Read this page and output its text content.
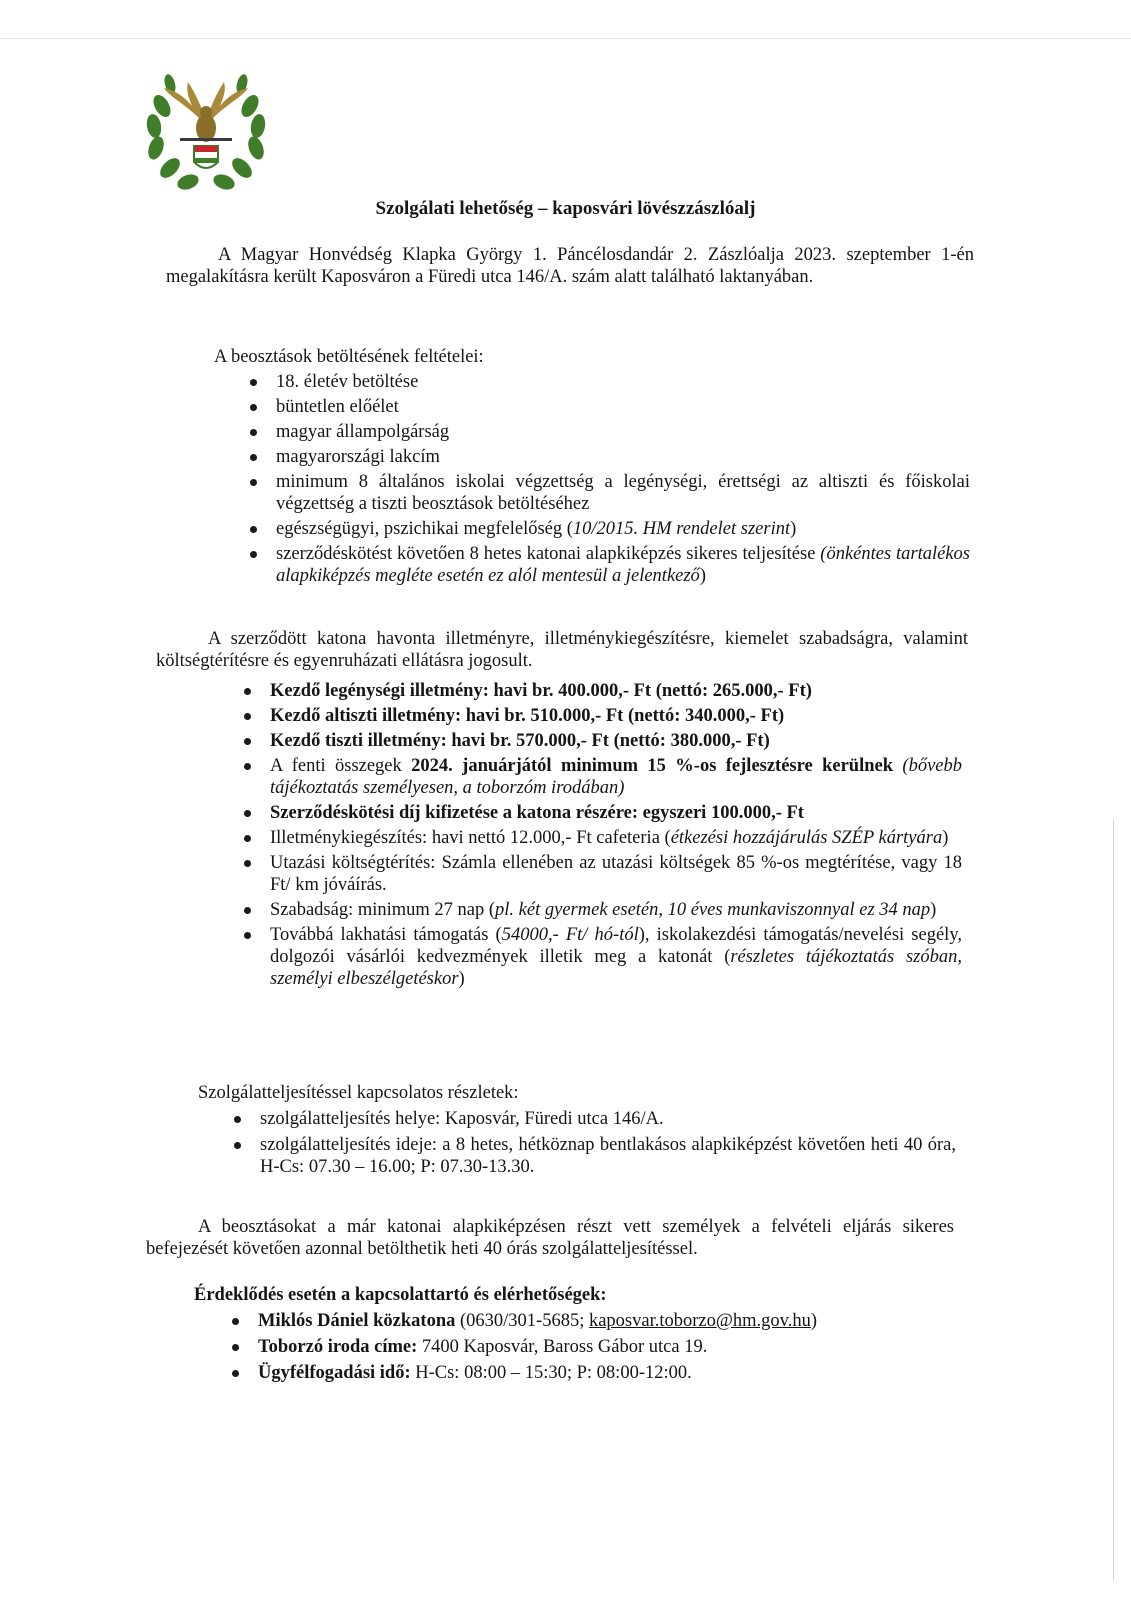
Szolgálati lehetőség – kaposvári lövészzászlóalj

A Magyar Honvédség Klapka György 1. Páncélosdandár 2. Zászlóalja 2023. szeptember 1-én megalakításra került Kaposváron a Füredi utca 146/A. szám alatt található laktanyában.

A beosztások betöltésének feltételei:

18. életév betöltése
büntetlen előélet
magyar állampolgárság
magyarországi lakcím
minimum 8 általános iskolai végzettség a legénységi, érettségi az altiszti és főiskolai végzettség a tiszti beosztások betöltéséhez
egészségügyi, pszichikai megfelelőség (10/2015. HM rendelet szerint)
szerződéskötést követően 8 hetes katonai alapkiképzés sikeres teljesítése (önkéntes tartalékos alapkiképzés megléte esetén ez alól mentesül a jelentkező)

A szerződött katona havonta illetményre, illetménykiegészítésre, kiemelet szabadságra, valamint költségtérítésre és egyenruházati ellátásra jogosult.

Kezdő legénységi illetmény: havi br. 400.000,- Ft (nettó: 265.000,- Ft)
Kezdő altiszti illetmény: havi br. 510.000,- Ft (nettó: 340.000,- Ft)
Kezdő tiszti illetmény: havi br. 570.000,- Ft (nettó: 380.000,- Ft)
A fenti összegek 2024. januárjától minimum 15 %-os fejlesztésre kerülnek (bővebb tájékoztatás személyesen, a toborzóm irodában)
Szerződéskötési díj kifizetése a katona részére: egyszeri 100.000,- Ft
Illetménykiegészítés: havi nettó 12.000,- Ft cafeteria (étkezési hozzájárulás SZÉP kártyára)
Utazási költségtérítés: Számla ellenében az utazási költségek 85 %-os megtérítése, vagy 18 Ft/ km jóváírás.
Szabadság: minimum 27 nap (pl. két gyermek esetén, 10 éves munkaviszonnyal ez 34 nap)
Továbbá lakhatási támogatás (54000,- Ft/ hó-tól), iskolakezdési támogatás/nevelési segély, dolgozói vásárlói kedvezmények illetik meg a katonát (részletes tájékoztatás szóban, személyi elbeszélgetéskor)

Szolgálatteljesítéssel kapcsolatos részletek:

szolgálatteljesítés helye: Kaposvár, Füredi utca 146/A.
szolgálatteljesítés ideje: a 8 hetes, hétköznap bentlakásos alapkiképzést követően heti 40 óra, H-Cs: 07.30 – 16.00; P: 07.30-13.30.

A beosztásokat a már katonai alapkiképzésen részt vett személyek a felvételi eljárás sikeres befejezését követően azonnal betölthetik heti 40 órás szolgálatteljesítéssel.

Érdeklődés esetén a kapcsolattartó és elérhetőségek:

Miklós Dániel közkatona (0630/301-5685; kaposvar.toborzo@hm.gov.hu)
Toborzó iroda címe: 7400 Kaposvár, Baross Gábor utca 19.
Ügyfélfogadási idő: H-Cs: 08:00 – 15:30; P: 08:00-12:00.
